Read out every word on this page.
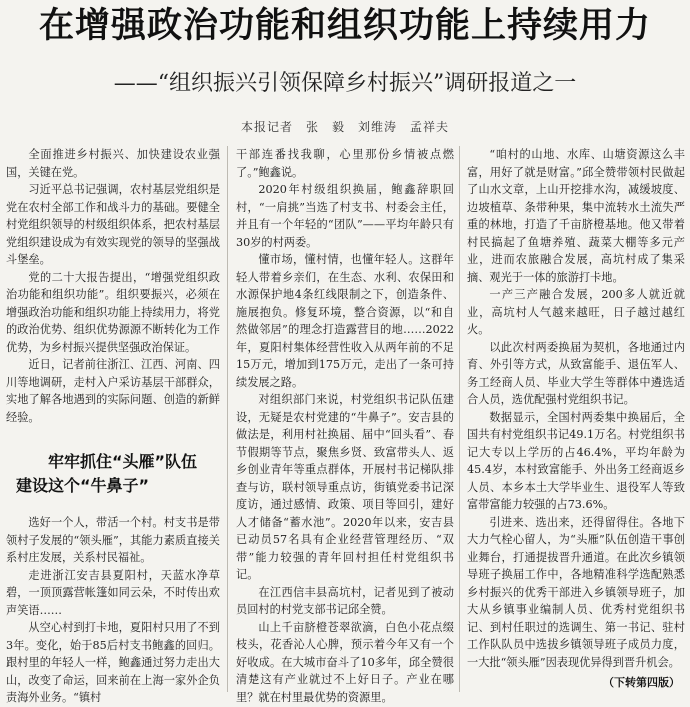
在增强政治功能和组织功能上持续用力
——“组织振兴引领保障乡村振兴”调研报道之一
本报记者　张　毅　刘维涛　孟祥夫

全面推进乡村振兴、加快建设农业强国，关键在党。

习近平总书记强调，农村基层党组织是党在农村全部工作和战斗力的基础。要健全村党组织领导的村级组织体系，把农村基层党组织建设成为有效实现党的领导的坚强战斗堡垒。

党的二十大报告提出，“增强党组织政治功能和组织功能”。组织要振兴，必须在增强政治功能和组织功能上持续用力，将党的政治优势、组织优势源源不断转化为工作优势，为乡村振兴提供坚强政治保证。

近日，记者前往浙江、江西、河南、四川等地调研，走村入户采访基层干部群众，实地了解各地遇到的实际问题、创造的新鲜经验。

牢牢抓住“头雁”队伍
建设这个“牛鼻子”

选好一个人，带活一个村。村支书是带领村子发展的“领头雁”，其能力素质直接关系村庄发展，关系村民福祉。

走进浙江安吉县夏阳村，天蓝水净草碧，一顶顶露营帐篷如同云朵，不时传出欢声笑语……

从空心村到打卡地，夏阳村只用了不到3年。变化，始于85后村支书鲍鑫的回归。跟村里的年轻人一样，鲍鑫通过努力走出大山，改变了命运，回来前在上海一家外企负责海外业务。“镇村

干部连番找我聊，心里那份乡情被点燃了。”鲍鑫说。

2020年村级组织换届，鲍鑫辞职回村，“一肩挑”当选了村支书、村委会主任，并且有一个年轻的“团队”——平均年龄只有30岁的村两委。

懂市场，懂村情，也懂年轻人。这群年轻人带着乡亲们，在生态、水利、农保田和水源保护地4条红线限制之下，创造条件、施展抱负。修复环境，整合资源，以“和自然做邻居”的理念打造露营目的地……2022年，夏阳村集体经营性收入从两年前的不足15万元，增加到175万元，走出了一条可持续发展之路。

对组织部门来说，村党组织书记队伍建设，无疑是农村党建的“牛鼻子”。安吉县的做法是，利用村社换届、届中“回头看”、春节假期等节点，聚焦乡贤、致富带头人、返乡创业青年等重点群体，开展村书记梯队排查与访，联村领导重点访，街镇党委书记深度访，通过感情、政策、项目等回引，建好人才储备“蓄水池”。2020年以来，安吉县已动员57名具有企业经营管理经历、“双带”能力较强的青年回村担任村党组织书记。

在江西信丰县高坑村，记者见到了被动员回村的村党支部书记邱全赞。

山上千亩脐橙苍翠欲滴，白色小花点缀枝头，花香沁人心脾，预示着今年又有一个好收成。在大城市奋斗了10多年，邱全赞很清楚这有产业就过不上好日子。产业在哪里？就在村里最优势的资源里。

“咱村的山地、水库、山塘资源这么丰富，用好了就是财富。”邱全赞带领村民做起了山水文章，上山开挖排水沟，减缓坡度、边坡植草、条带种果，集中流转水土流失严重的林地，打造了千亩脐橙基地。他又带着村民搞起了鱼塘养殖、蔬菜大棚等多元产业，进而农旅融合发展，高坑村成了集采摘、观光于一体的旅游打卡地。

一产三产融合发展，200多人就近就业，高坑村人气越来越旺，日子越过越红火。

以此次村两委换届为契机，各地通过内育、外引等方式，从致富能手、退伍军人、务工经商人员、毕业大学生等群体中遴选适合人员，选优配强村党组织书记。

数据显示，全国村两委集中换届后，全国共有村党组织书记49.1万名。村党组织书记大专以上学历的占46.4%，平均年龄为45.4岁，本村致富能手、外出务工经商返乡人员、本乡本土大学毕业生、退役军人等致富带富能力较强的占73.6%。

引进来、选出来，还得留得住。各地下大力气栓心留人，为“头雁”队伍创造干事创业舞台，打通提拔晋升通道。在此次乡镇领导班子换届工作中，各地精准科学选配熟悉乡村振兴的优秀干部进入乡镇领导班子，加大从乡镇事业编制人员、优秀村党组织书记、到村任职过的选调生、第一书记、驻村工作队队员中选拔乡镇领导班子成员力度，一大批“领头雁”因表现优异得到晋升机会。

（下转第四版）
